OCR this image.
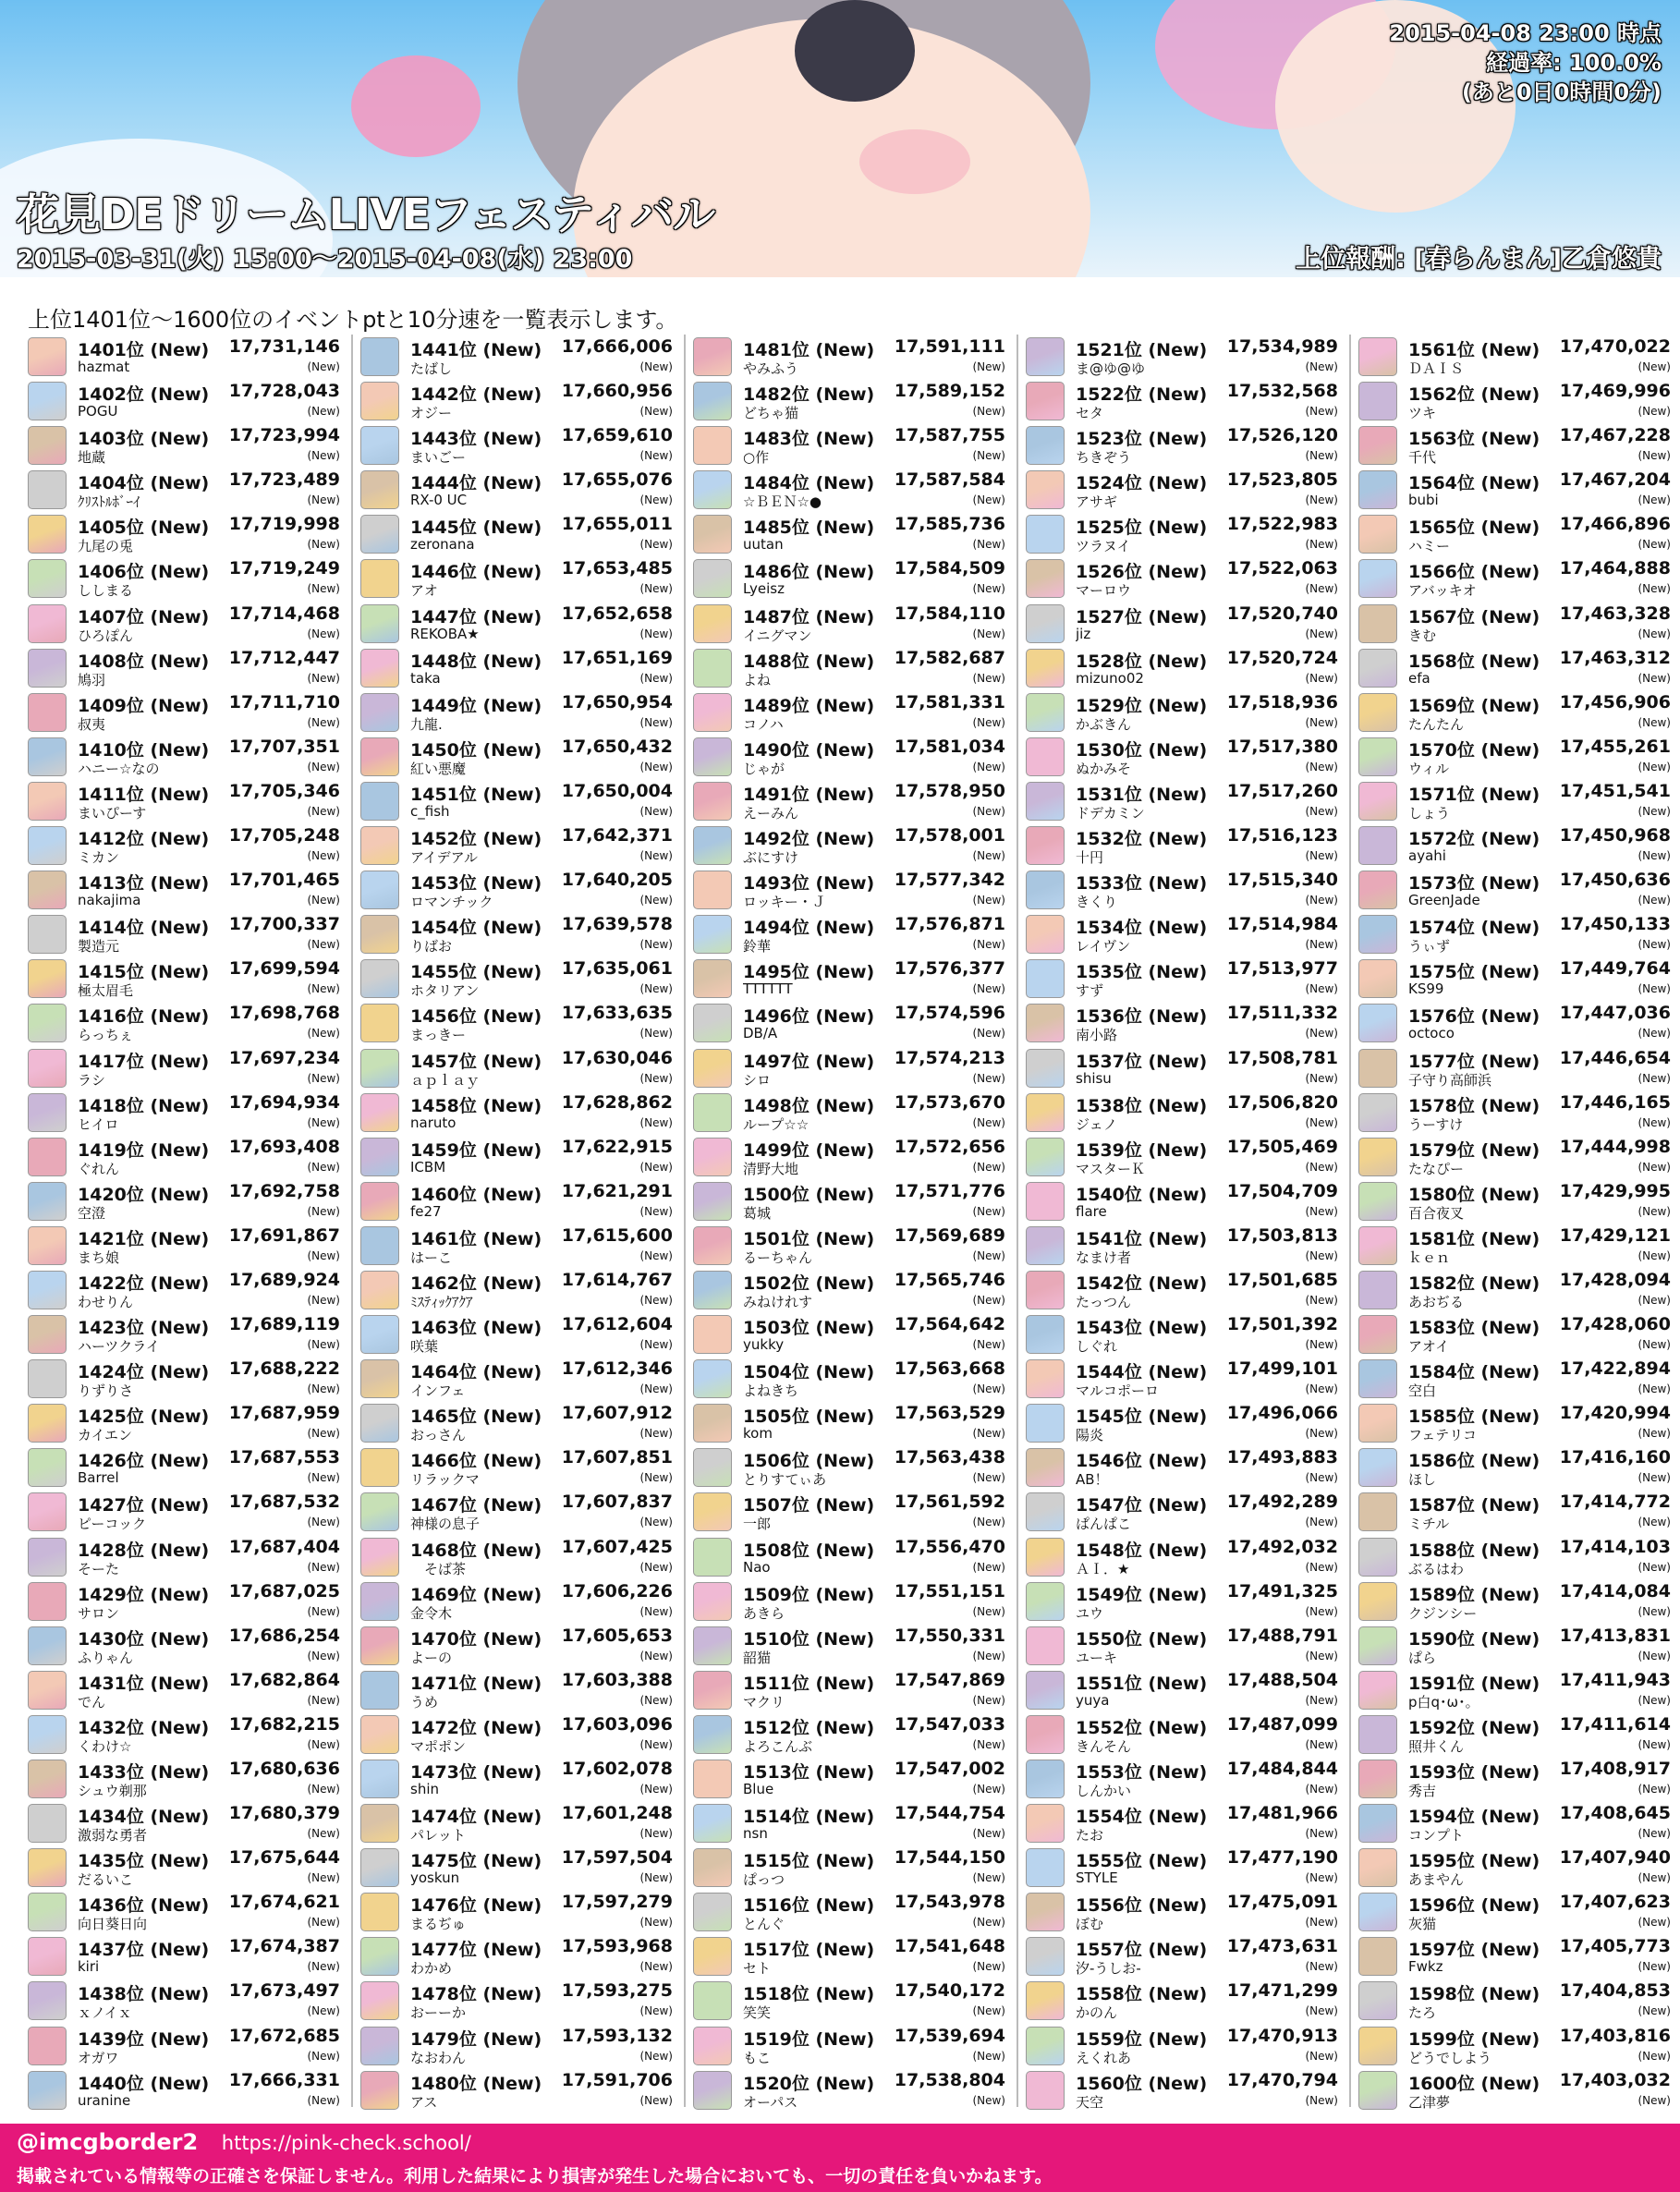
2015-04-08 23:00 時点
経過率: 100.0%
(あと0日0時間0分)
花見DEドリームLIVEフェスティバル
2015-03-31(火) 15:00～2015-04-08(水) 23:00	上位報酬: [春らんまん]乙倉悠貴
上位1401位～1600位のイベントptと10分速を一覧表示します。
1401位 (New) 17,731,146
hazmat	(New)
1402位 (New) 17,728,043
POGU	(New)
1403位 (New) 17,723,994
地蔵	(New)
1404位 (New) 17,723,489
ｸﾘｽﾄﾙﾎﾞｰｲ	(New)
1405位 (New) 17,719,998
九尾の兎	(New)
1406位 (New) 17,719,249
ししまる	(New)
1407位 (New) 17,714,468
ひろぽん	(New)
1408位 (New) 17,712,447
鳩羽	(New)
1409位 (New) 17,711,710
叔夷	(New)
1410位 (New) 17,707,351
ハニー☆なの	(New)
1411位 (New) 17,705,346
まいぴーす	(New)
1412位 (New) 17,705,248
ミカン	(New)
1413位 (New) 17,701,465
nakajima	(New)
1414位 (New) 17,700,337
製造元	(New)
1415位 (New) 17,699,594
極太眉毛	(New)
1416位 (New) 17,698,768
らっちぇ	(New)
1417位 (New) 17,697,234
ラシ	(New)
1418位 (New) 17,694,934
ヒイロ	(New)
1419位 (New) 17,693,408
ぐれん	(New)
1420位 (New) 17,692,758
空澄	(New)
1421位 (New) 17,691,867
まち娘	(New)
1422位 (New) 17,689,924
わせりん	(New)
1423位 (New) 17,689,119
ハーツクライ	(New)
1424位 (New) 17,688,222
りずりさ	(New)
1425位 (New) 17,687,959
カイエン	(New)
1426位 (New) 17,687,553
Barrel	(New)
1427位 (New) 17,687,532
ピーコック	(New)
1428位 (New) 17,687,404
そーた	(New)
1429位 (New) 17,687,025
サロン	(New)
1430位 (New) 17,686,254
ふりゃん	(New)
1431位 (New) 17,682,864
でん	(New)
1432位 (New) 17,682,215
くわけ☆	(New)
1433位 (New) 17,680,636
シュウ剃那	(New)
1434位 (New) 17,680,379
激弱な勇者	(New)
1435位 (New) 17,675,644
だるいこ	(New)
1436位 (New) 17,674,621
向日葵日向	(New)
1437位 (New) 17,674,387
kiri	(New)
1438位 (New) 17,673,497
ｘノイｘ	(New)
1439位 (New) 17,672,685
オガワ	(New)
1440位 (New) 17,666,331
uranine	(New)
1441位 (New) 17,666,006
たばし	(New)
1442位 (New) 17,660,956
オジー	(New)
1443位 (New) 17,659,610
まいごー	(New)
1444位 (New) 17,655,076
RX-0 UC	(New)
1445位 (New) 17,655,011
zeronana	(New)
1446位 (New) 17,653,485
アオ	(New)
1447位 (New) 17,652,658
REKOBA★	(New)
1448位 (New) 17,651,169
taka	(New)
1449位 (New) 17,650,954
九龍.	(New)
1450位 (New) 17,650,432
紅い悪魔	(New)
1451位 (New) 17,650,004
c_fish	(New)
1452位 (New) 17,642,371
アイデアル	(New)
1453位 (New) 17,640,205
ロマンチック	(New)
1454位 (New) 17,639,578
りばお	(New)
1455位 (New) 17,635,061
ホタリアン	(New)
1456位 (New) 17,633,635
まっきー	(New)
1457位 (New) 17,630,046
ａｐｌａｙ	(New)
1458位 (New) 17,628,862
naruto	(New)
1459位 (New) 17,622,915
ICBM	(New)
1460位 (New) 17,621,291
fe27	(New)
1461位 (New) 17,615,600
はーこ	(New)
1462位 (New) 17,614,767
ﾐｽﾃｨｯｸｱｸｱ	(New)
1463位 (New) 17,612,604
咲葉	(New)
1464位 (New) 17,612,346
インフェ	(New)
1465位 (New) 17,607,912
おっさん	(New)
1466位 (New) 17,607,851
リラックマ	(New)
1467位 (New) 17,607,837
神様の息子	(New)
1468位 (New) 17,607,425
　そば茶	(New)
1469位 (New) 17,606,226
金令木	(New)
1470位 (New) 17,605,653
よーの	(New)
1471位 (New) 17,603,388
うめ	(New)
1472位 (New) 17,603,096
マポポン	(New)
1473位 (New) 17,602,078
shin	(New)
1474位 (New) 17,601,248
パレット	(New)
1475位 (New) 17,597,504
yoskun	(New)
1476位 (New) 17,597,279
まるぢゅ	(New)
1477位 (New) 17,593,968
わかめ	(New)
1478位 (New) 17,593,275
おーーか	(New)
1479位 (New) 17,593,132
なおわん	(New)
1480位 (New) 17,591,706
アス	(New)
1481位 (New) 17,591,111
やみふう	(New)
1482位 (New) 17,589,152
どちゃ猫	(New)
1483位 (New) 17,587,755
○作	(New)
1484位 (New) 17,587,584
☆ＢＥＮ☆●	(New)
1485位 (New) 17,585,736
uutan	(New)
1486位 (New) 17,584,509
Lyeisz	(New)
1487位 (New) 17,584,110
イニグマン	(New)
1488位 (New) 17,582,687
よね	(New)
1489位 (New) 17,581,331
コノハ	(New)
1490位 (New) 17,581,034
じゃが	(New)
1491位 (New) 17,578,950
えーみん	(New)
1492位 (New) 17,578,001
ぶにすけ	(New)
1493位 (New) 17,577,342
ロッキー・Ｊ	(New)
1494位 (New) 17,576,871
鈴華	(New)
1495位 (New) 17,576,377
TTTTTT	(New)
1496位 (New) 17,574,596
DB/A	(New)
1497位 (New) 17,574,213
シロ	(New)
1498位 (New) 17,573,670
ループ☆☆	(New)
1499位 (New) 17,572,656
清野大地	(New)
1500位 (New) 17,571,776
葛城	(New)
1501位 (New) 17,569,689
るーちゃん	(New)
1502位 (New) 17,565,746
みねけれす	(New)
1503位 (New) 17,564,642
yukky	(New)
1504位 (New) 17,563,668
よねきち	(New)
1505位 (New) 17,563,529
kom	(New)
1506位 (New) 17,563,438
とりすてぃあ	(New)
1507位 (New) 17,561,592
一郎	(New)
1508位 (New) 17,556,470
Nao	(New)
1509位 (New) 17,551,151
あきら	(New)
1510位 (New) 17,550,331
韶猫	(New)
1511位 (New) 17,547,869
マクリ	(New)
1512位 (New) 17,547,033
よろこんぶ	(New)
1513位 (New) 17,547,002
Blue	(New)
1514位 (New) 17,544,754
nsn	(New)
1515位 (New) 17,544,150
ぱっつ	(New)
1516位 (New) 17,543,978
とんぐ	(New)
1517位 (New) 17,541,648
セト	(New)
1518位 (New) 17,540,172
笑笑	(New)
1519位 (New) 17,539,694
もこ	(New)
1520位 (New) 17,538,804
オーパス	(New)
1521位 (New) 17,534,989
ま@ゆ@ゆ	(New)
1522位 (New) 17,532,568
セタ	(New)
1523位 (New) 17,526,120
ちきぞう	(New)
1524位 (New) 17,523,805
アサギ	(New)
1525位 (New) 17,522,983
ツラヌイ	(New)
1526位 (New) 17,522,063
マーロウ	(New)
1527位 (New) 17,520,740
jiz	(New)
1528位 (New) 17,520,724
mizuno02	(New)
1529位 (New) 17,518,936
かぶきん	(New)
1530位 (New) 17,517,380
ぬかみそ	(New)
1531位 (New) 17,517,260
ドデカミン	(New)
1532位 (New) 17,516,123
十円	(New)
1533位 (New) 17,515,340
きくり	(New)
1534位 (New) 17,514,984
レイヴン	(New)
1535位 (New) 17,513,977
すず	(New)
1536位 (New) 17,511,332
南小路	(New)
1537位 (New) 17,508,781
shisu	(New)
1538位 (New) 17,506,820
ジェノ	(New)
1539位 (New) 17,505,469
マスターＫ	(New)
1540位 (New) 17,504,709
flare	(New)
1541位 (New) 17,503,813
なまけ者	(New)
1542位 (New) 17,501,685
たっつん	(New)
1543位 (New) 17,501,392
しぐれ	(New)
1544位 (New) 17,499,101
マルコポーロ	(New)
1545位 (New) 17,496,066
陽炎	(New)
1546位 (New) 17,493,883
AB！	(New)
1547位 (New) 17,492,289
ぱんぱこ	(New)
1548位 (New) 17,492,032
ＡＩ．★	(New)
1549位 (New) 17,491,325
ユウ	(New)
1550位 (New) 17,488,791
ユーキ	(New)
1551位 (New) 17,488,504
yuya	(New)
1552位 (New) 17,487,099
きんそん	(New)
1553位 (New) 17,484,844
しんかい	(New)
1554位 (New) 17,481,966
たお	(New)
1555位 (New) 17,477,190
STYLE	(New)
1556位 (New) 17,475,091
ぼむ	(New)
1557位 (New) 17,473,631
汐-うしお-	(New)
1558位 (New) 17,471,299
かのん	(New)
1559位 (New) 17,470,913
えくれあ	(New)
1560位 (New) 17,470,794
天空	(New)
1561位 (New) 17,470,022
ＤＡＩＳ	(New)
1562位 (New) 17,469,996
ツキ	(New)
1563位 (New) 17,467,228
千代	(New)
1564位 (New) 17,467,204
bubi	(New)
1565位 (New) 17,466,896
ハミー	(New)
1566位 (New) 17,464,888
アバッキオ	(New)
1567位 (New) 17,463,328
きむ	(New)
1568位 (New) 17,463,312
efa	(New)
1569位 (New) 17,456,906
たんたん	(New)
1570位 (New) 17,455,261
ウィル	(New)
1571位 (New) 17,451,541
しょう	(New)
1572位 (New) 17,450,968
ayahi	(New)
1573位 (New) 17,450,636
GreenJade	(New)
1574位 (New) 17,450,133
うぃず	(New)
1575位 (New) 17,449,764
KS99	(New)
1576位 (New) 17,447,036
octoco	(New)
1577位 (New) 17,446,654
子守り高師浜	(New)
1578位 (New) 17,446,165
うーすけ	(New)
1579位 (New) 17,444,998
たなぴー	(New)
1580位 (New) 17,429,995
百合夜叉	(New)
1581位 (New) 17,429,121
ｋｅｎ	(New)
1582位 (New) 17,428,094
あおぢる	(New)
1583位 (New) 17,428,060
アオイ	(New)
1584位 (New) 17,422,894
空白	(New)
1585位 (New) 17,420,994
フェテリコ	(New)
1586位 (New) 17,416,160
ほし	(New)
1587位 (New) 17,414,772
ミチル	(New)
1588位 (New) 17,414,103
ぶるはわ	(New)
1589位 (New) 17,414,084
クジンシー	(New)
1590位 (New) 17,413,831
ぱら	(New)
1591位 (New) 17,411,943
p白q･ω･｡	(New)
1592位 (New) 17,411,614
照井くん	(New)
1593位 (New) 17,408,917
秀吉	(New)
1594位 (New) 17,408,645
コンプト	(New)
1595位 (New) 17,407,940
あまやん	(New)
1596位 (New) 17,407,623
灰猫	(New)
1597位 (New) 17,405,773
Fwkz	(New)
1598位 (New) 17,404,853
たろ	(New)
1599位 (New) 17,403,816
どうでしよう	(New)
1600位 (New) 17,403,032
乙津夢	(New)
@imcgborder2 https://pink-check.school/
掲載されている情報等の正確さを保証しません。利用した結果により損害が発生した場合においても、一切の責任を負いかねます。
